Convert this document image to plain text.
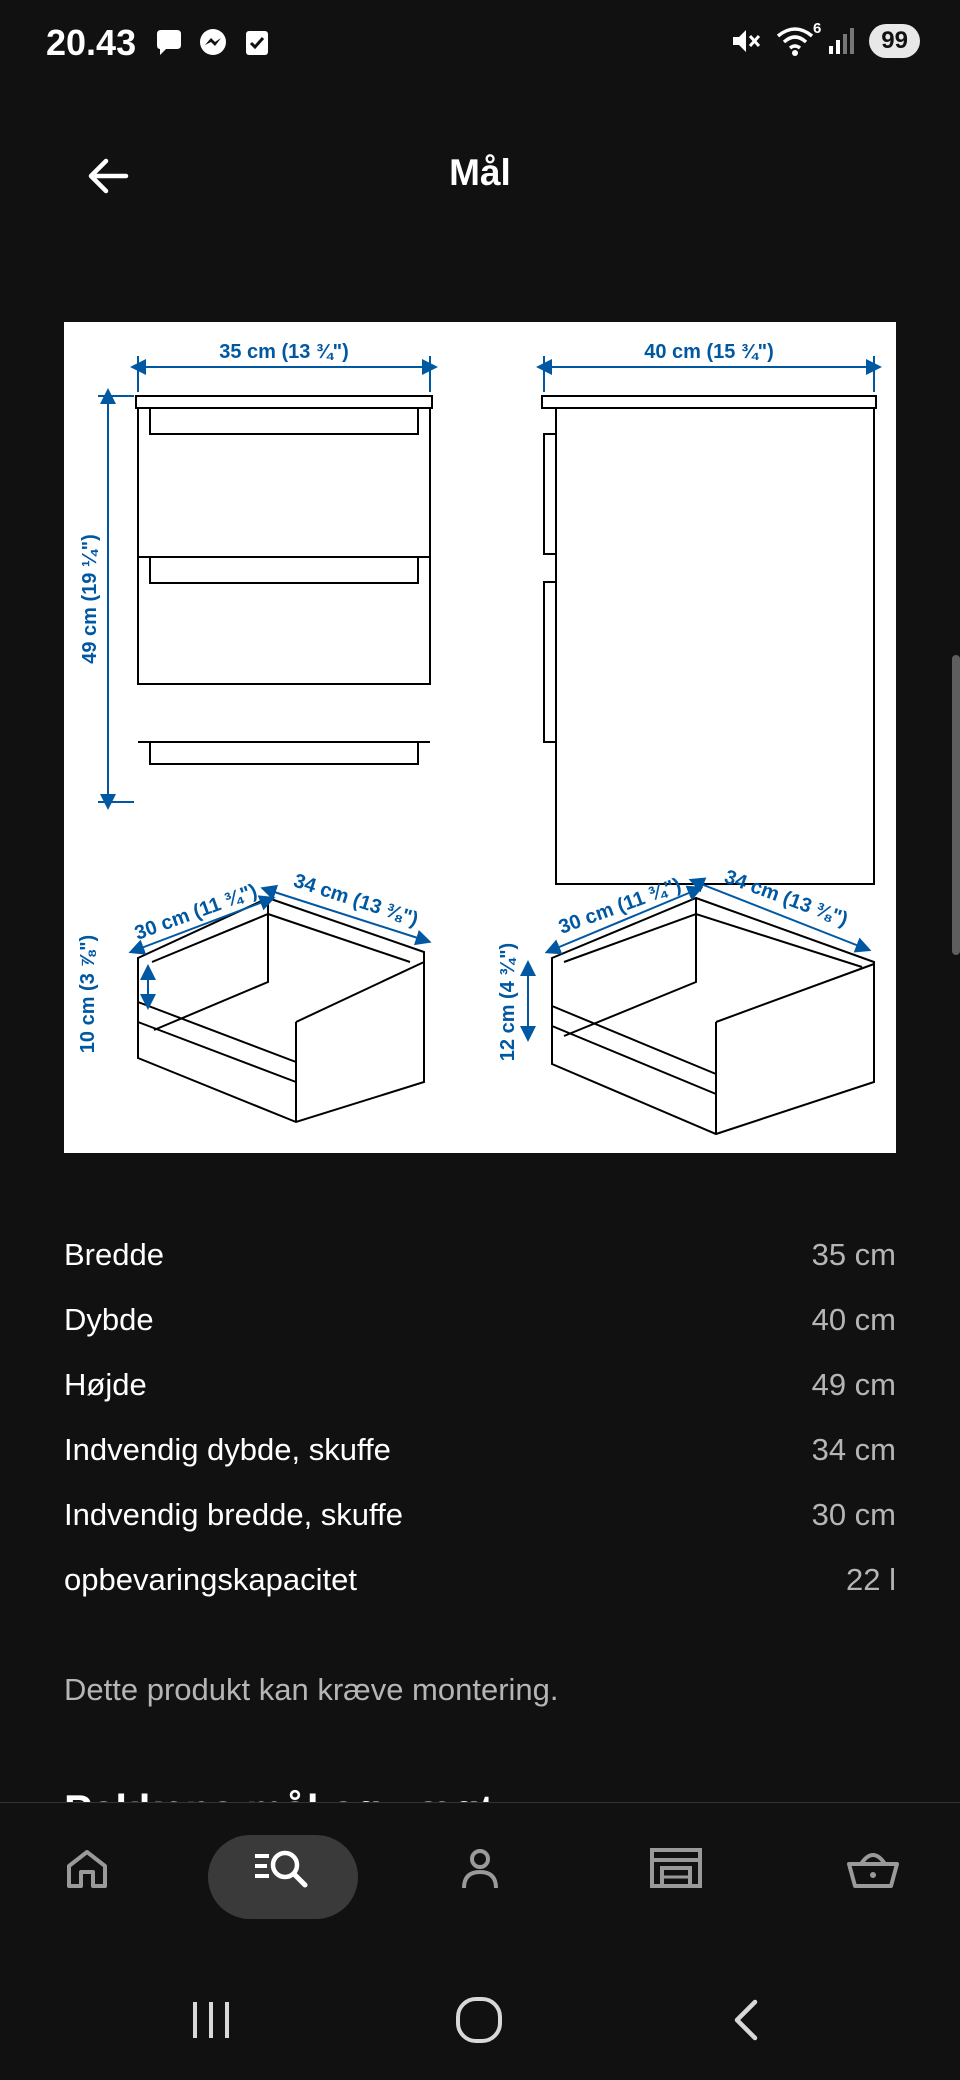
20.43	6	99
Mål
35 cm (13 ¾")	40 cm (15 ¾")
49 cm (19 ¼")
30 cm (11 ¾") 34 cm (13 ⅜")
10 cm (3 ⅞")
30 cm (11 ¾") 34 cm (13 ⅜")
12 cm (4 ¾")
Bredde	35 cm
Dybde	40 cm
Højde	49 cm
Indvendig dybde, skuffe	34 cm
Indvendig bredde, skuffe	30 cm
opbevaringskapacitet	22 l
Dette produkt kan kræve montering.
